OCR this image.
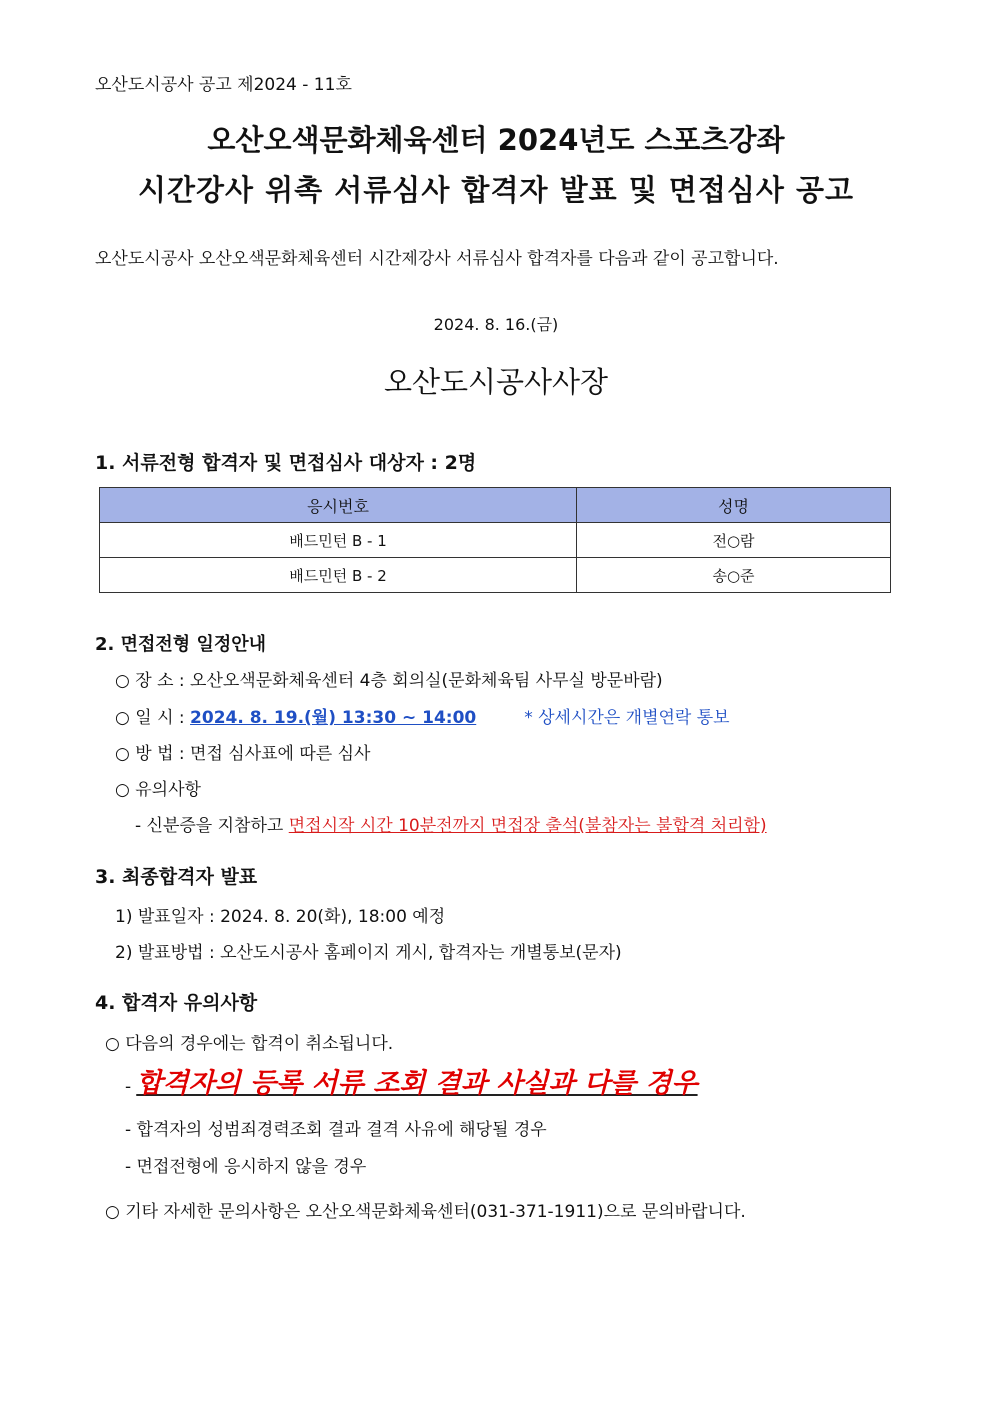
오산도시공사 공고 제2024 - 11호
오산오색문화체육센터 2024년도 스포츠강좌
시간강사 위촉 서류심사 합격자 발표 및 면접심사 공고
오산도시공사 오산오색문화체육센터 시간제강사 서류심사 합격자를 다음과 같이 공고합니다.
2024. 8. 16.(금)
오산도시공사사장
1. 서류전형 합격자 및 면접심사 대상자 : 2명
응시번호	성명
배드민턴 B - 1	전○람
배드민턴 B - 2	송○준
2. 면접전형 일정안내
○ 장 소 : 오산오색문화체육센터 4층 회의실(문화체육팀 사무실 방문바람)
○ 일 시 : 2024. 8. 19.(월) 13:30 ~ 14:00	* 상세시간은 개별연락 통보
○ 방 법 : 면접 심사표에 따른 심사
○ 유의사항
- 신분증을 지참하고 면접시작 시간 10분전까지 면접장 출석(불참자는 불합격 처리함)
3. 최종합격자 발표
1) 발표일자 : 2024. 8. 20(화), 18:00 예정
2) 발표방법 : 오산도시공사 홈페이지 게시, 합격자는 개별통보(문자)
4. 합격자 유의사항
○ 다음의 경우에는 합격이 취소됩니다.
- 합격자의 등록 서류 조회 결과 사실과 다를 경우
- 합격자의 성범죄경력조회 결과 결격 사유에 해당될 경우
- 면접전형에 응시하지 않을 경우
○ 기타 자세한 문의사항은 오산오색문화체육센터(031-371-1911)으로 문의바랍니다.
